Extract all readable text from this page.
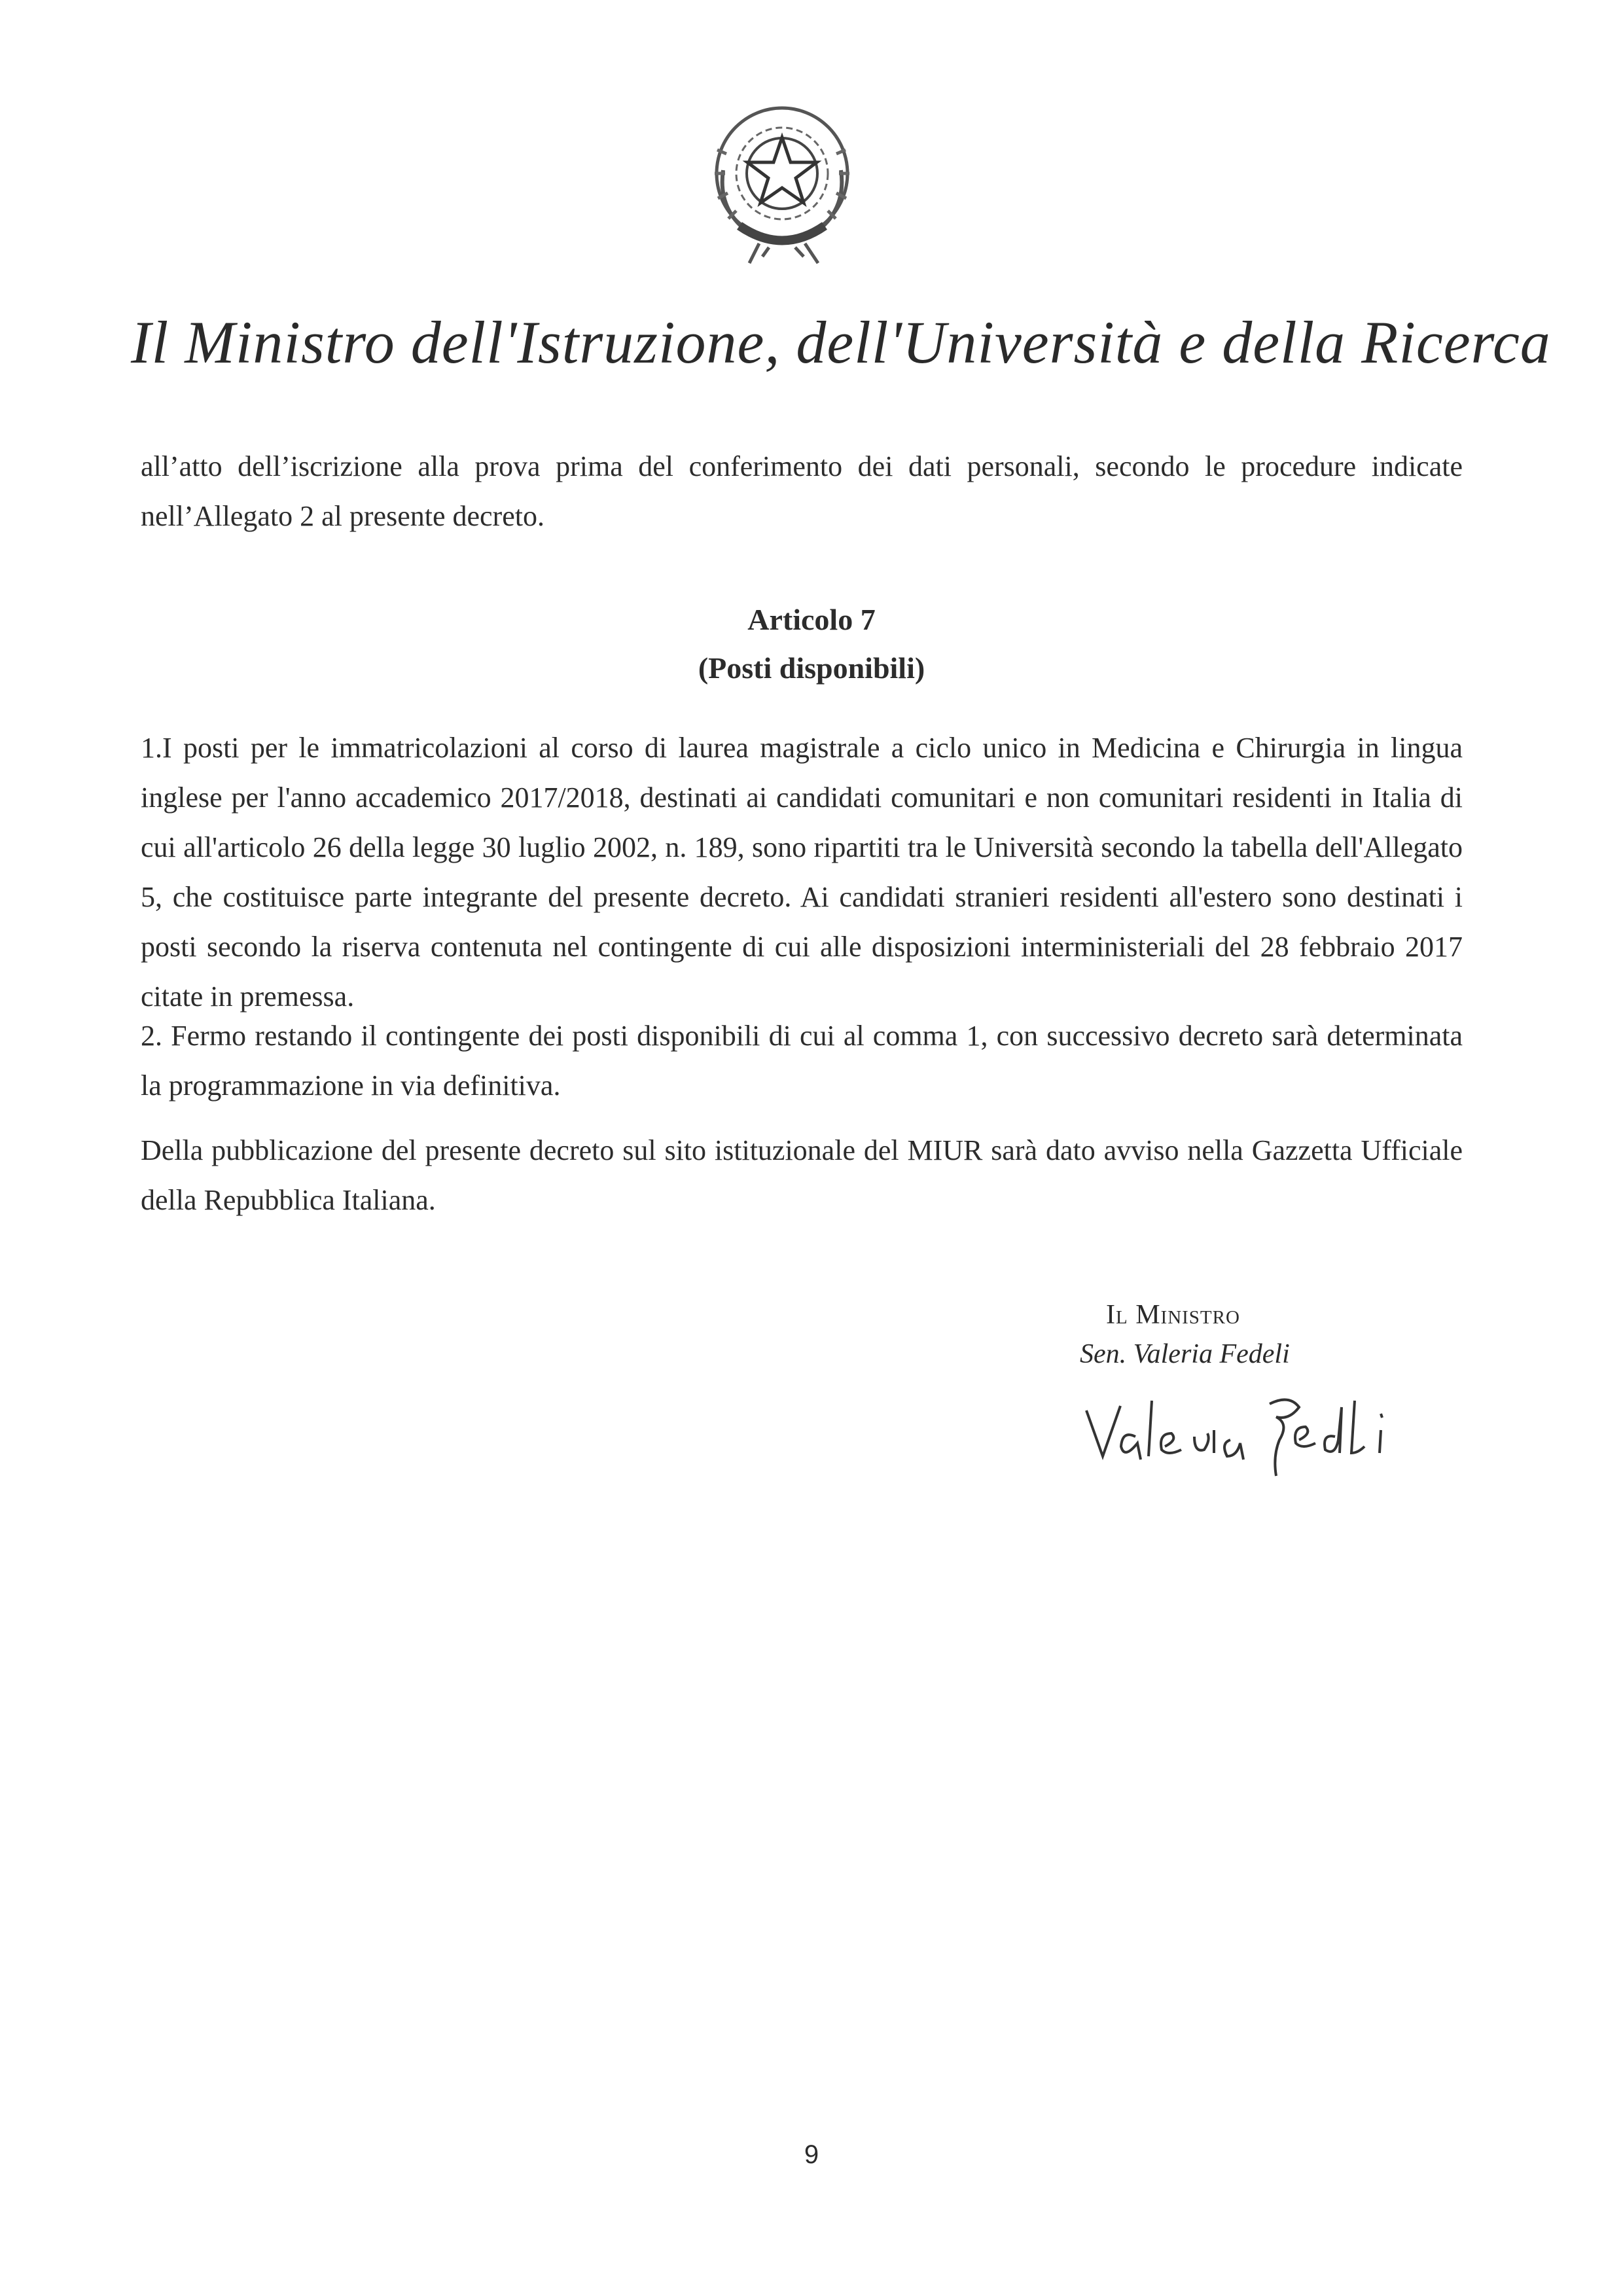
Il Ministro dell'Istruzione, dell'Università e della Ricerca
all’atto dell’iscrizione alla prova prima del conferimento dei dati personali, secondo le procedure indicate nell’Allegato 2 al presente decreto.
Articolo 7
(Posti disponibili)
1.I posti per le immatricolazioni al corso di laurea magistrale a ciclo unico in Medicina e Chirurgia in lingua inglese per l'anno accademico 2017/2018, destinati ai candidati comunitari e non comunitari residenti in Italia di cui all'articolo 26 della legge 30 luglio 2002, n. 189, sono ripartiti tra le Università secondo la tabella dell'Allegato 5, che costituisce parte integrante del presente decreto. Ai candidati stranieri residenti all'estero sono destinati i posti secondo la riserva contenuta nel contingente di cui alle disposizioni interministeriali del 28 febbraio 2017 citate in premessa.
2. Fermo restando il contingente dei posti disponibili di cui al comma 1, con successivo decreto sarà determinata la programmazione in via definitiva.
Della pubblicazione del presente decreto sul sito istituzionale del MIUR sarà dato avviso nella Gazzetta Ufficiale della Repubblica Italiana.
Il Ministro
Sen. Valeria Fedeli
9
